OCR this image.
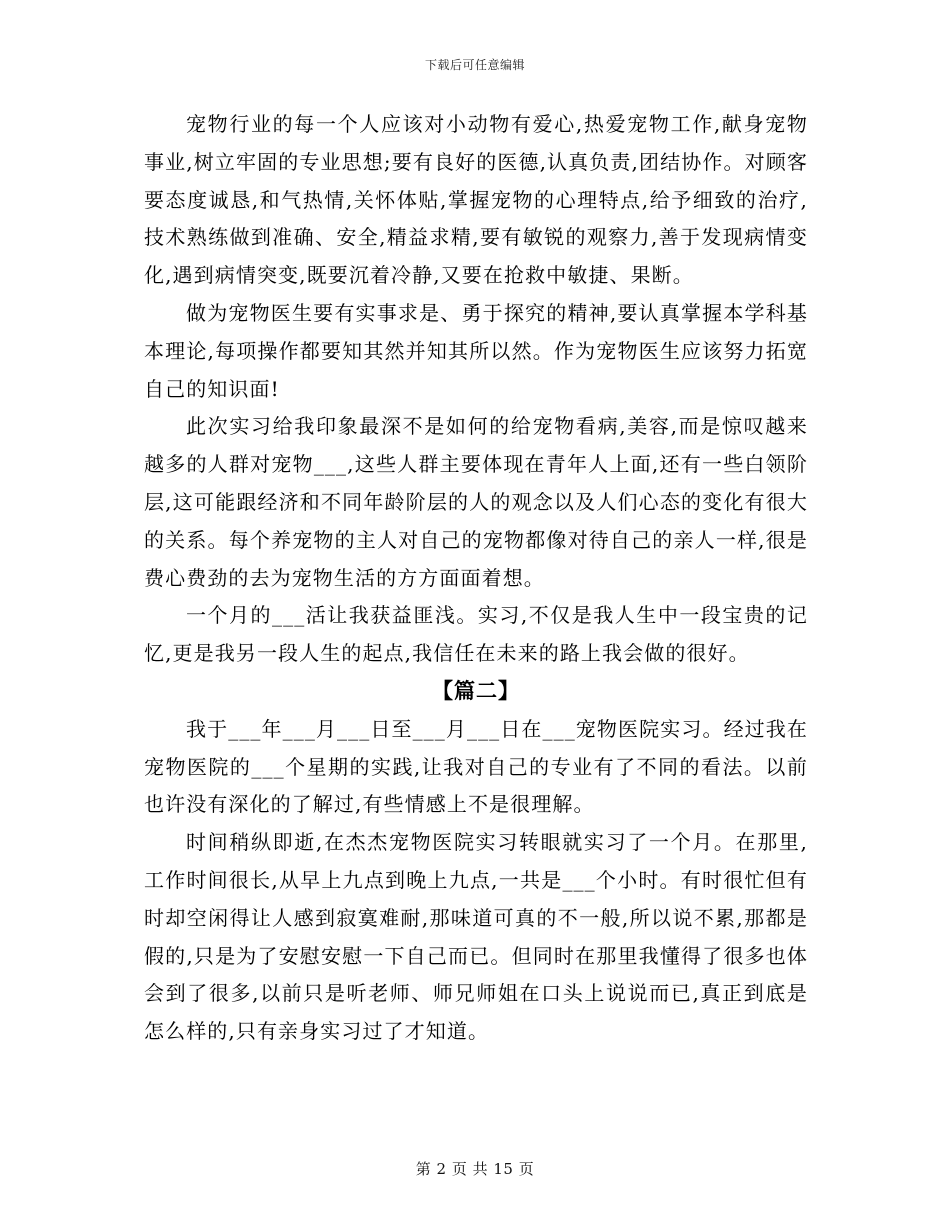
下载后可任意编辑

宠物行业的每一个人应该对小动物有爱心,热爱宠物工作,献身宠物事业,树立牢固的专业思想;要有良好的医德,认真负责,团结协作。对顾客要态度诚恳,和气热情,关怀体贴,掌握宠物的心理特点,给予细致的治疗,技术熟练做到准确、安全,精益求精,要有敏锐的观察力,善于发现病情变化,遇到病情突变,既要沉着冷静,又要在抢救中敏捷、果断。

做为宠物医生要有实事求是、勇于探究的精神,要认真掌握本学科基本理论,每项操作都要知其然并知其所以然。作为宠物医生应该努力拓宽自己的知识面!

此次实习给我印象最深不是如何的给宠物看病,美容,而是惊叹越来越多的人群对宠物___,这些人群主要体现在青年人上面,还有一些白领阶层,这可能跟经济和不同年龄阶层的人的观念以及人们心态的变化有很大的关系。每个养宠物的主人对自己的宠物都像对待自己的亲人一样,很是费心费劲的去为宠物生活的方方面面着想。

一个月的___活让我获益匪浅。实习,不仅是我人生中一段宝贵的记忆,更是我另一段人生的起点,我信任在未来的路上我会做的很好。

【篇二】

我于___年___月___日至___月___日在___宠物医院实习。经过我在宠物医院的___个星期的实践,让我对自己的专业有了不同的看法。以前也许没有深化的了解过,有些情感上不是很理解。

时间稍纵即逝,在杰杰宠物医院实习转眼就实习了一个月。在那里,工作时间很长,从早上九点到晚上九点,一共是___个小时。有时很忙但有时却空闲得让人感到寂寞难耐,那味道可真的不一般,所以说不累,那都是假的,只是为了安慰安慰一下自己而已。但同时在那里我懂得了很多也体会到了很多,以前只是听老师、师兄师姐在口头上说说而已,真正到底是怎么样的,只有亲身实习过了才知道。

第 2 页 共 15 页
